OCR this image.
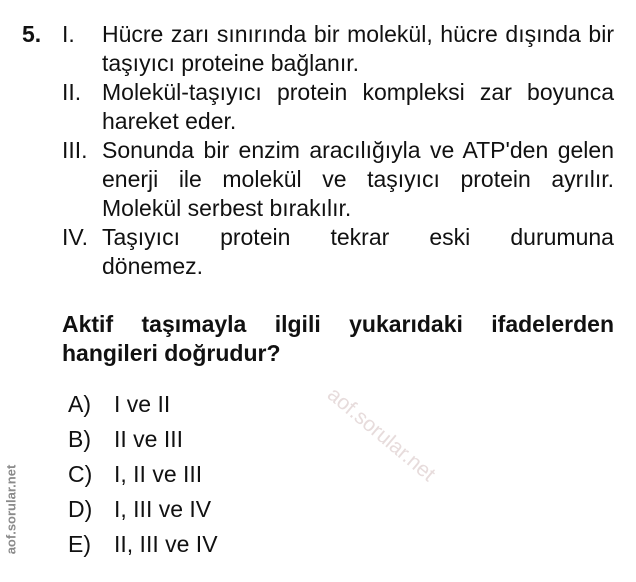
5. I. Hücre zarı sınırında bir molekül, hücre dışında bir taşıyıcı proteine bağlanır.
II. Molekül-taşıyıcı protein kompleksi zar boyunca hareket eder.
III. Sonunda bir enzim aracılığıyla ve ATP'den gelen enerji ile molekül ve taşıyıcı protein ayrılır. Molekül serbest bırakılır.
IV. Taşıyıcı protein tekrar eski durumuna
dönemez.
Aktif taşımayla ilgili yukarıdaki ifadelerden hangileri doğrudur?
A) I ve II
B) II ve III
C) I, II ve III
D) I, III ve IV
E) II, III ve IV
aof.sorular.net
aof.sorular.net
